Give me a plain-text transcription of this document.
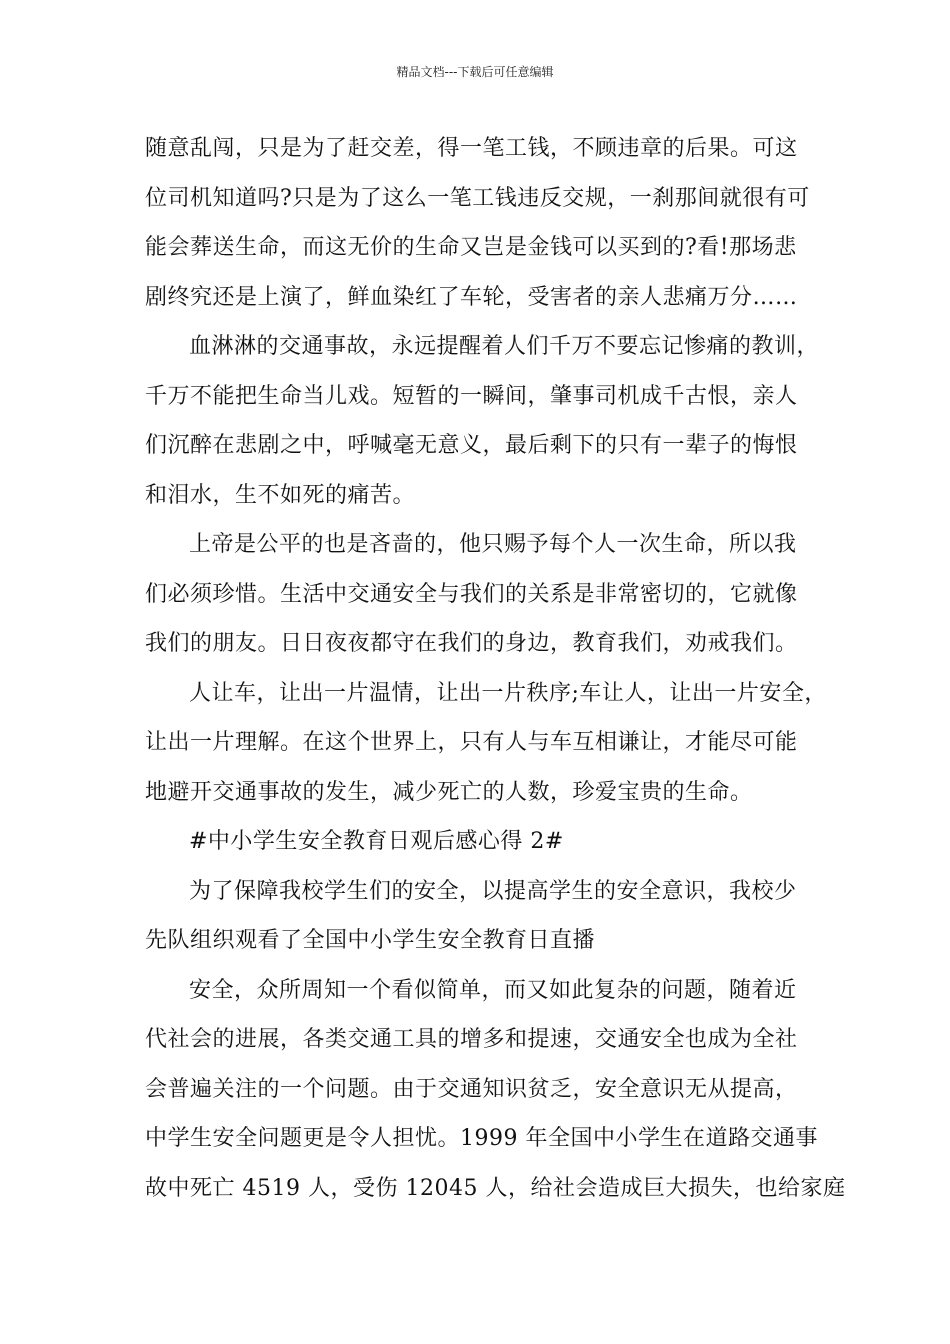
精品文档---下载后可任意编辑
随意乱闯，只是为了赶交差，得一笔工钱，不顾违章的后果。可这
位司机知道吗?只是为了这么一笔工钱违反交规，一刹那间就很有可
能会葬送生命，而这无价的生命又岂是金钱可以买到的?看!那场悲
剧终究还是上演了，鲜血染红了车轮，受害者的亲人悲痛万分……
血淋淋的交通事故，永远提醒着人们千万不要忘记惨痛的教训，
千万不能把生命当儿戏。短暂的一瞬间，肇事司机成千古恨，亲人
们沉醉在悲剧之中，呼喊毫无意义，最后剩下的只有一辈子的悔恨
和泪水，生不如死的痛苦。
上帝是公平的也是吝啬的，他只赐予每个人一次生命，所以我
们必须珍惜。生活中交通安全与我们的关系是非常密切的，它就像
我们的朋友。日日夜夜都守在我们的身边，教育我们，劝戒我们。
人让车，让出一片温情，让出一片秩序;车让人，让出一片安全，
让出一片理解。在这个世界上，只有人与车互相谦让，才能尽可能
地避开交通事故的发生，减少死亡的人数，珍爱宝贵的生命。
#中小学生安全教育日观后感心得 2#
为了保障我校学生们的安全，以提高学生的安全意识，我校少
先队组织观看了全国中小学生安全教育日直播
安全，众所周知一个看似简单，而又如此复杂的问题，随着近
代社会的进展，各类交通工具的增多和提速，交通安全也成为全社
会普遍关注的一个问题。由于交通知识贫乏，安全意识无从提高，
中学生安全问题更是令人担忧。1999 年全国中小学生在道路交通事
故中死亡 4519 人，受伤 12045 人，给社会造成巨大损失，也给家庭
